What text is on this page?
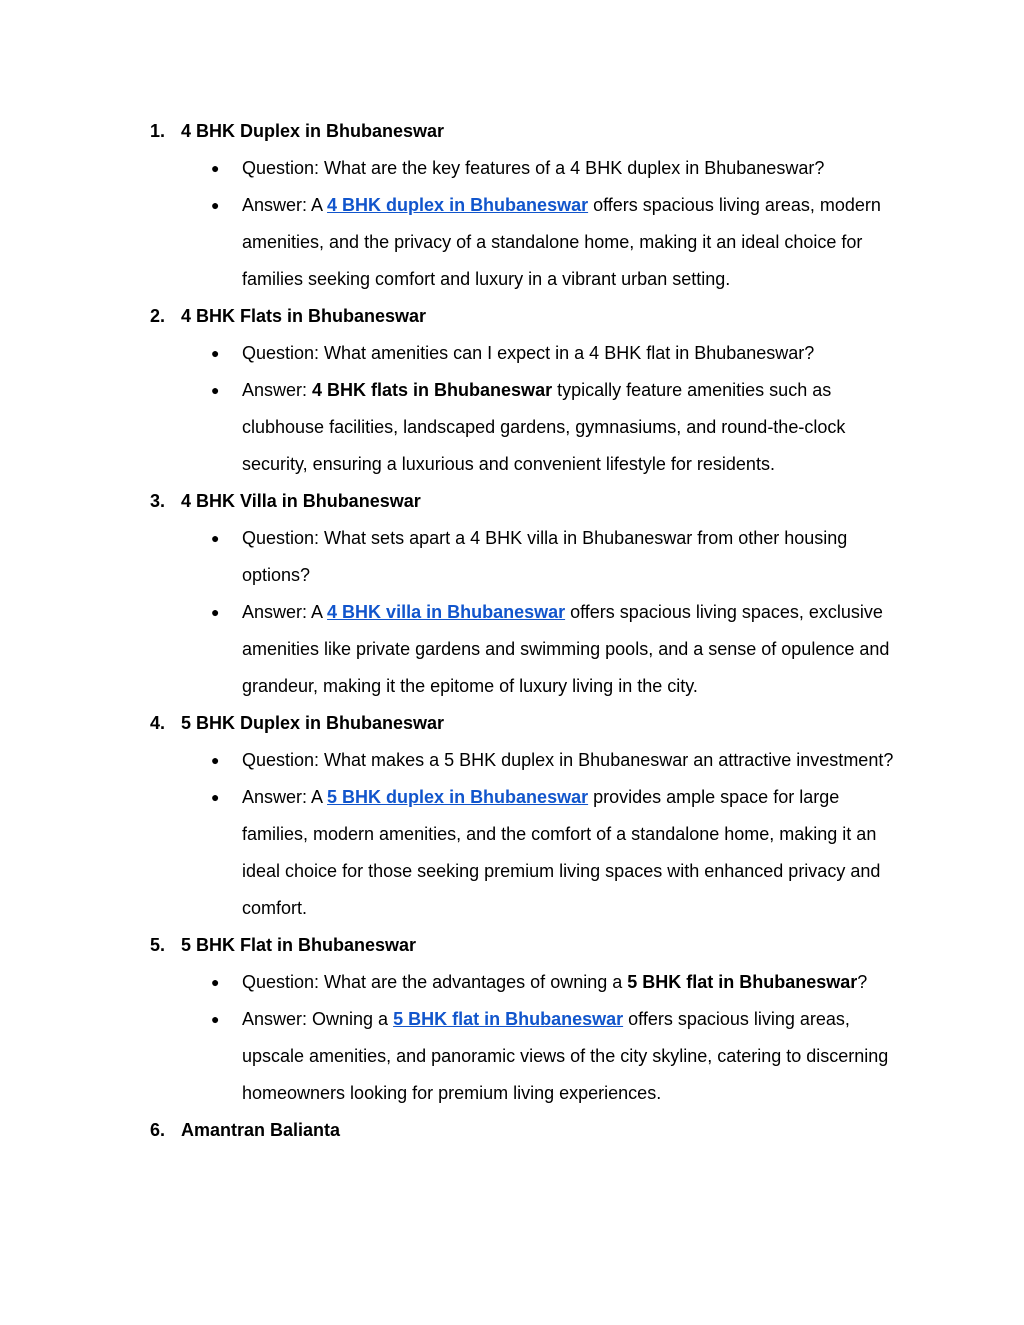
1. 4 BHK Duplex in Bhubaneswar
●	Question: What are the key features of a 4 BHK duplex in Bhubaneswar?
●	Answer: A 4 BHK duplex in Bhubaneswar offers spacious living areas, modern amenities, and the privacy of a standalone home, making it an ideal choice for families seeking comfort and luxury in a vibrant urban setting.
2. 4 BHK Flats in Bhubaneswar
●	Question: What amenities can I expect in a 4 BHK flat in Bhubaneswar?
●	Answer: 4 BHK flats in Bhubaneswar typically feature amenities such as clubhouse facilities, landscaped gardens, gymnasiums, and round-the-clock security, ensuring a luxurious and convenient lifestyle for residents.
3. 4 BHK Villa in Bhubaneswar
●	Question: What sets apart a 4 BHK villa in Bhubaneswar from other housing options?
●	Answer: A 4 BHK villa in Bhubaneswar offers spacious living spaces, exclusive amenities like private gardens and swimming pools, and a sense of opulence and grandeur, making it the epitome of luxury living in the city.
4. 5 BHK Duplex in Bhubaneswar
●	Question: What makes a 5 BHK duplex in Bhubaneswar an attractive investment?
●	Answer: A 5 BHK duplex in Bhubaneswar provides ample space for large families, modern amenities, and the comfort of a standalone home, making it an ideal choice for those seeking premium living spaces with enhanced privacy and comfort.
5. 5 BHK Flat in Bhubaneswar
●	Question: What are the advantages of owning a 5 BHK flat in Bhubaneswar?
●	Answer: Owning a 5 BHK flat in Bhubaneswar offers spacious living areas, upscale amenities, and panoramic views of the city skyline, catering to discerning homeowners looking for premium living experiences.
6. Amantran Balianta
